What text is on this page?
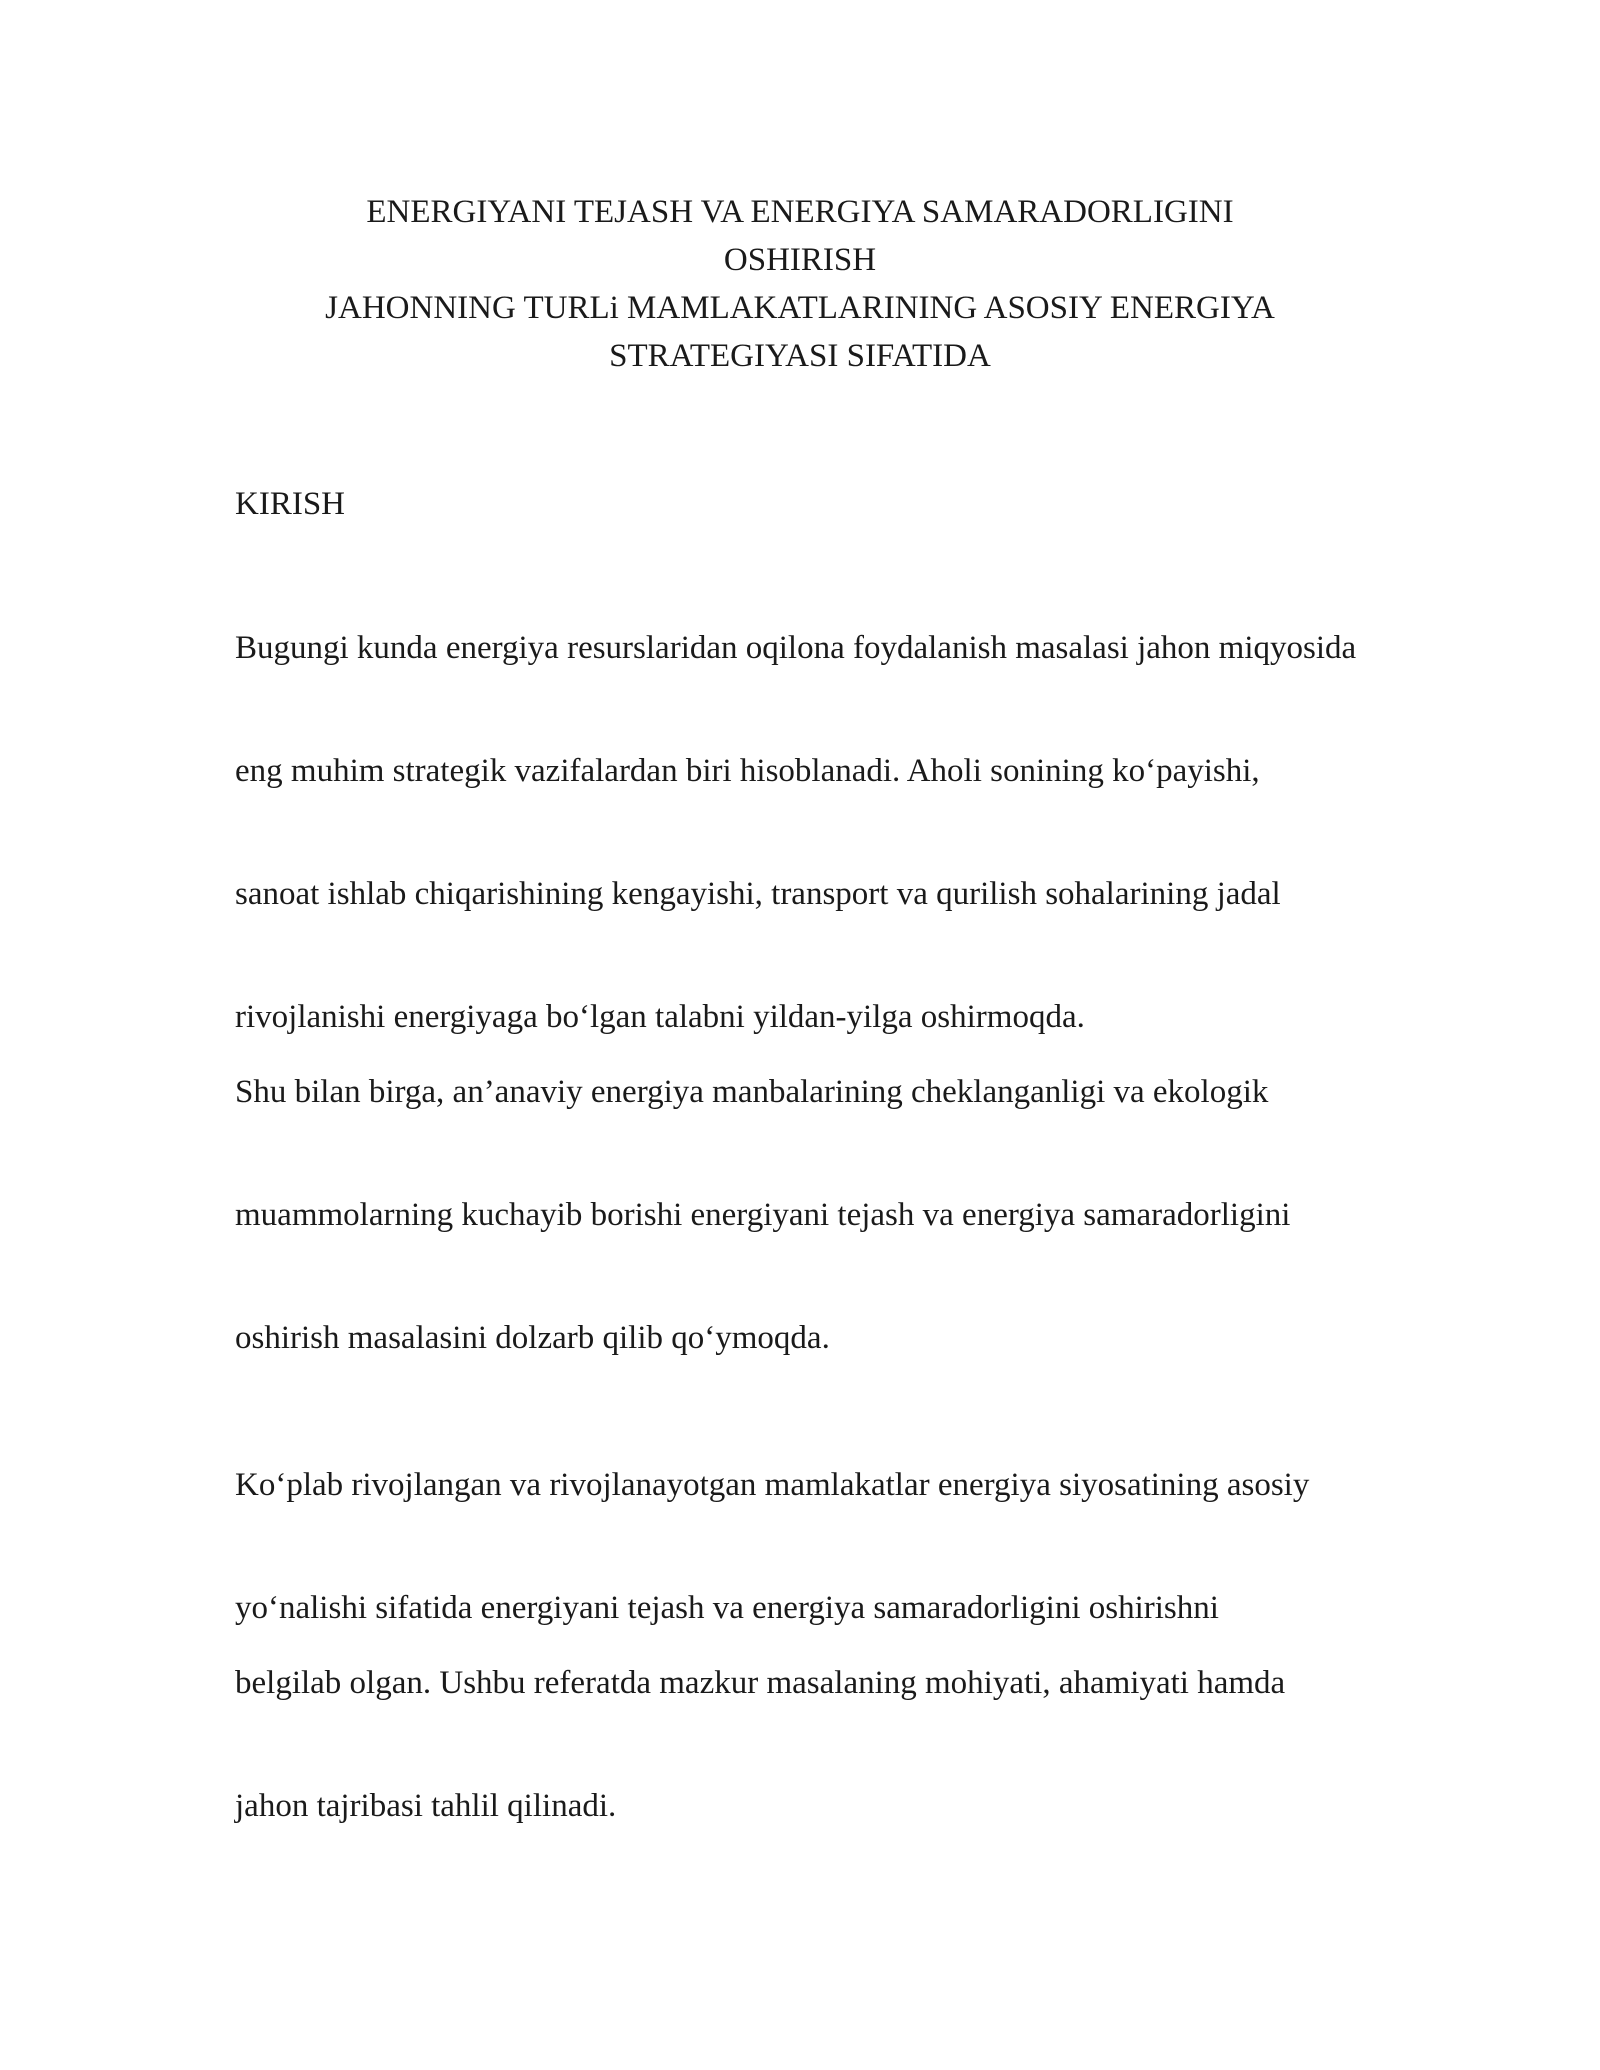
ENERGIYANI TEJASH VA ENERGIYA SAMARADORLIGINI
OSHIRISH
JAHONNING TURLi MAMLAKATLARINING ASOSIY ENERGIYA
STRATEGIYASI SIFATIDA
KIRISH
Bugungi kunda energiya resurslaridan oqilona foydalanish masalasi jahon miqyosida
eng muhim strategik vazifalardan biri hisoblanadi. Aholi sonining ko‘payishi,
sanoat ishlab chiqarishining kengayishi, transport va qurilish sohalarining jadal
rivojlanishi energiyaga bo‘lgan talabni yildan-yilga oshirmoqda.
Shu bilan birga, an’anaviy energiya manbalarining cheklanganligi va ekologik
muammolarning kuchayib borishi energiyani tejash va energiya samaradorligini
oshirish masalasini dolzarb qilib qo‘ymoqda.
Ko‘plab rivojlangan va rivojlanayotgan mamlakatlar energiya siyosatining asosiy
yo‘nalishi sifatida energiyani tejash va energiya samaradorligini oshirishni
belgilab olgan. Ushbu referatda mazkur masalaning mohiyati, ahamiyati hamda
jahon tajribasi tahlil qilinadi.
